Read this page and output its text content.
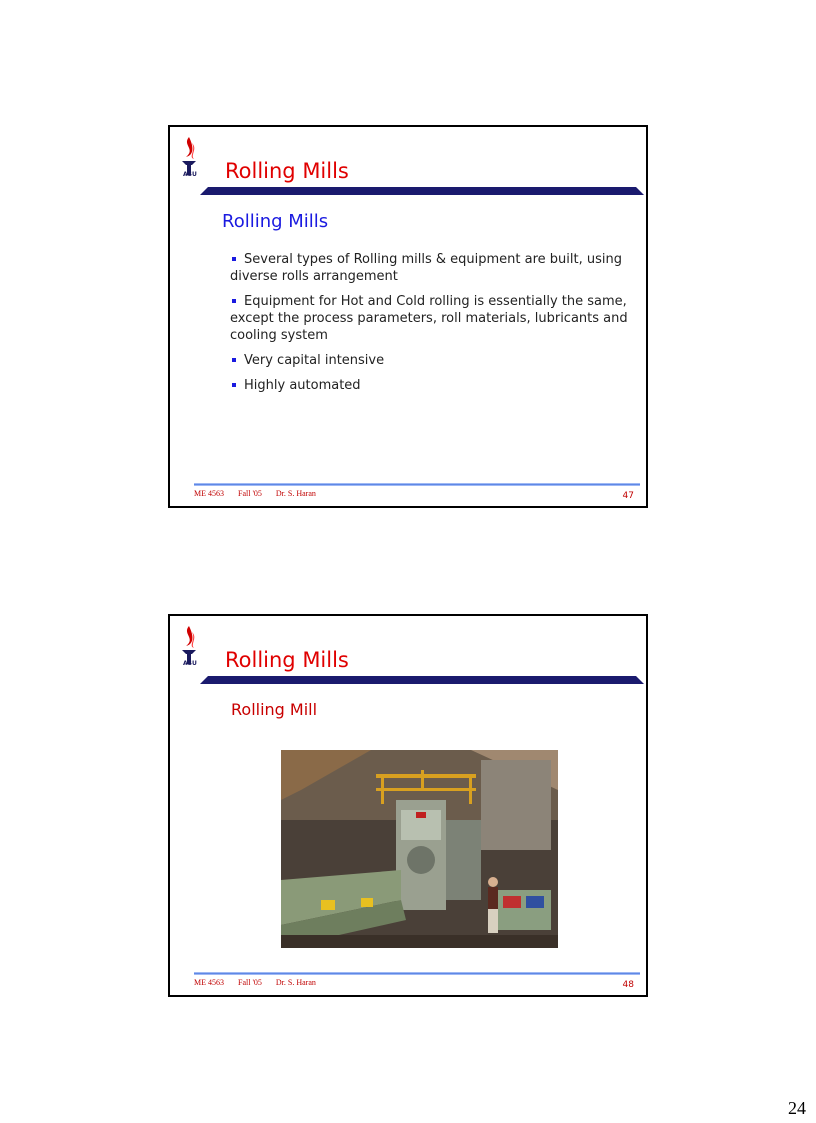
ASU Rolling Mills
Rolling Mills
Several types of Rolling mills & equipment are built, using diverse rolls arrangement
Equipment for Hot and Cold rolling is essentially the same, except the process parameters, roll materials, lubricants and cooling system
Very capital intensive
Highly automated
ME 4563 Fall '05 Dr. S. Haran	47
ASU Rolling Mills
Rolling Mill
ME 4563 Fall '05 Dr. S. Haran	48
24
